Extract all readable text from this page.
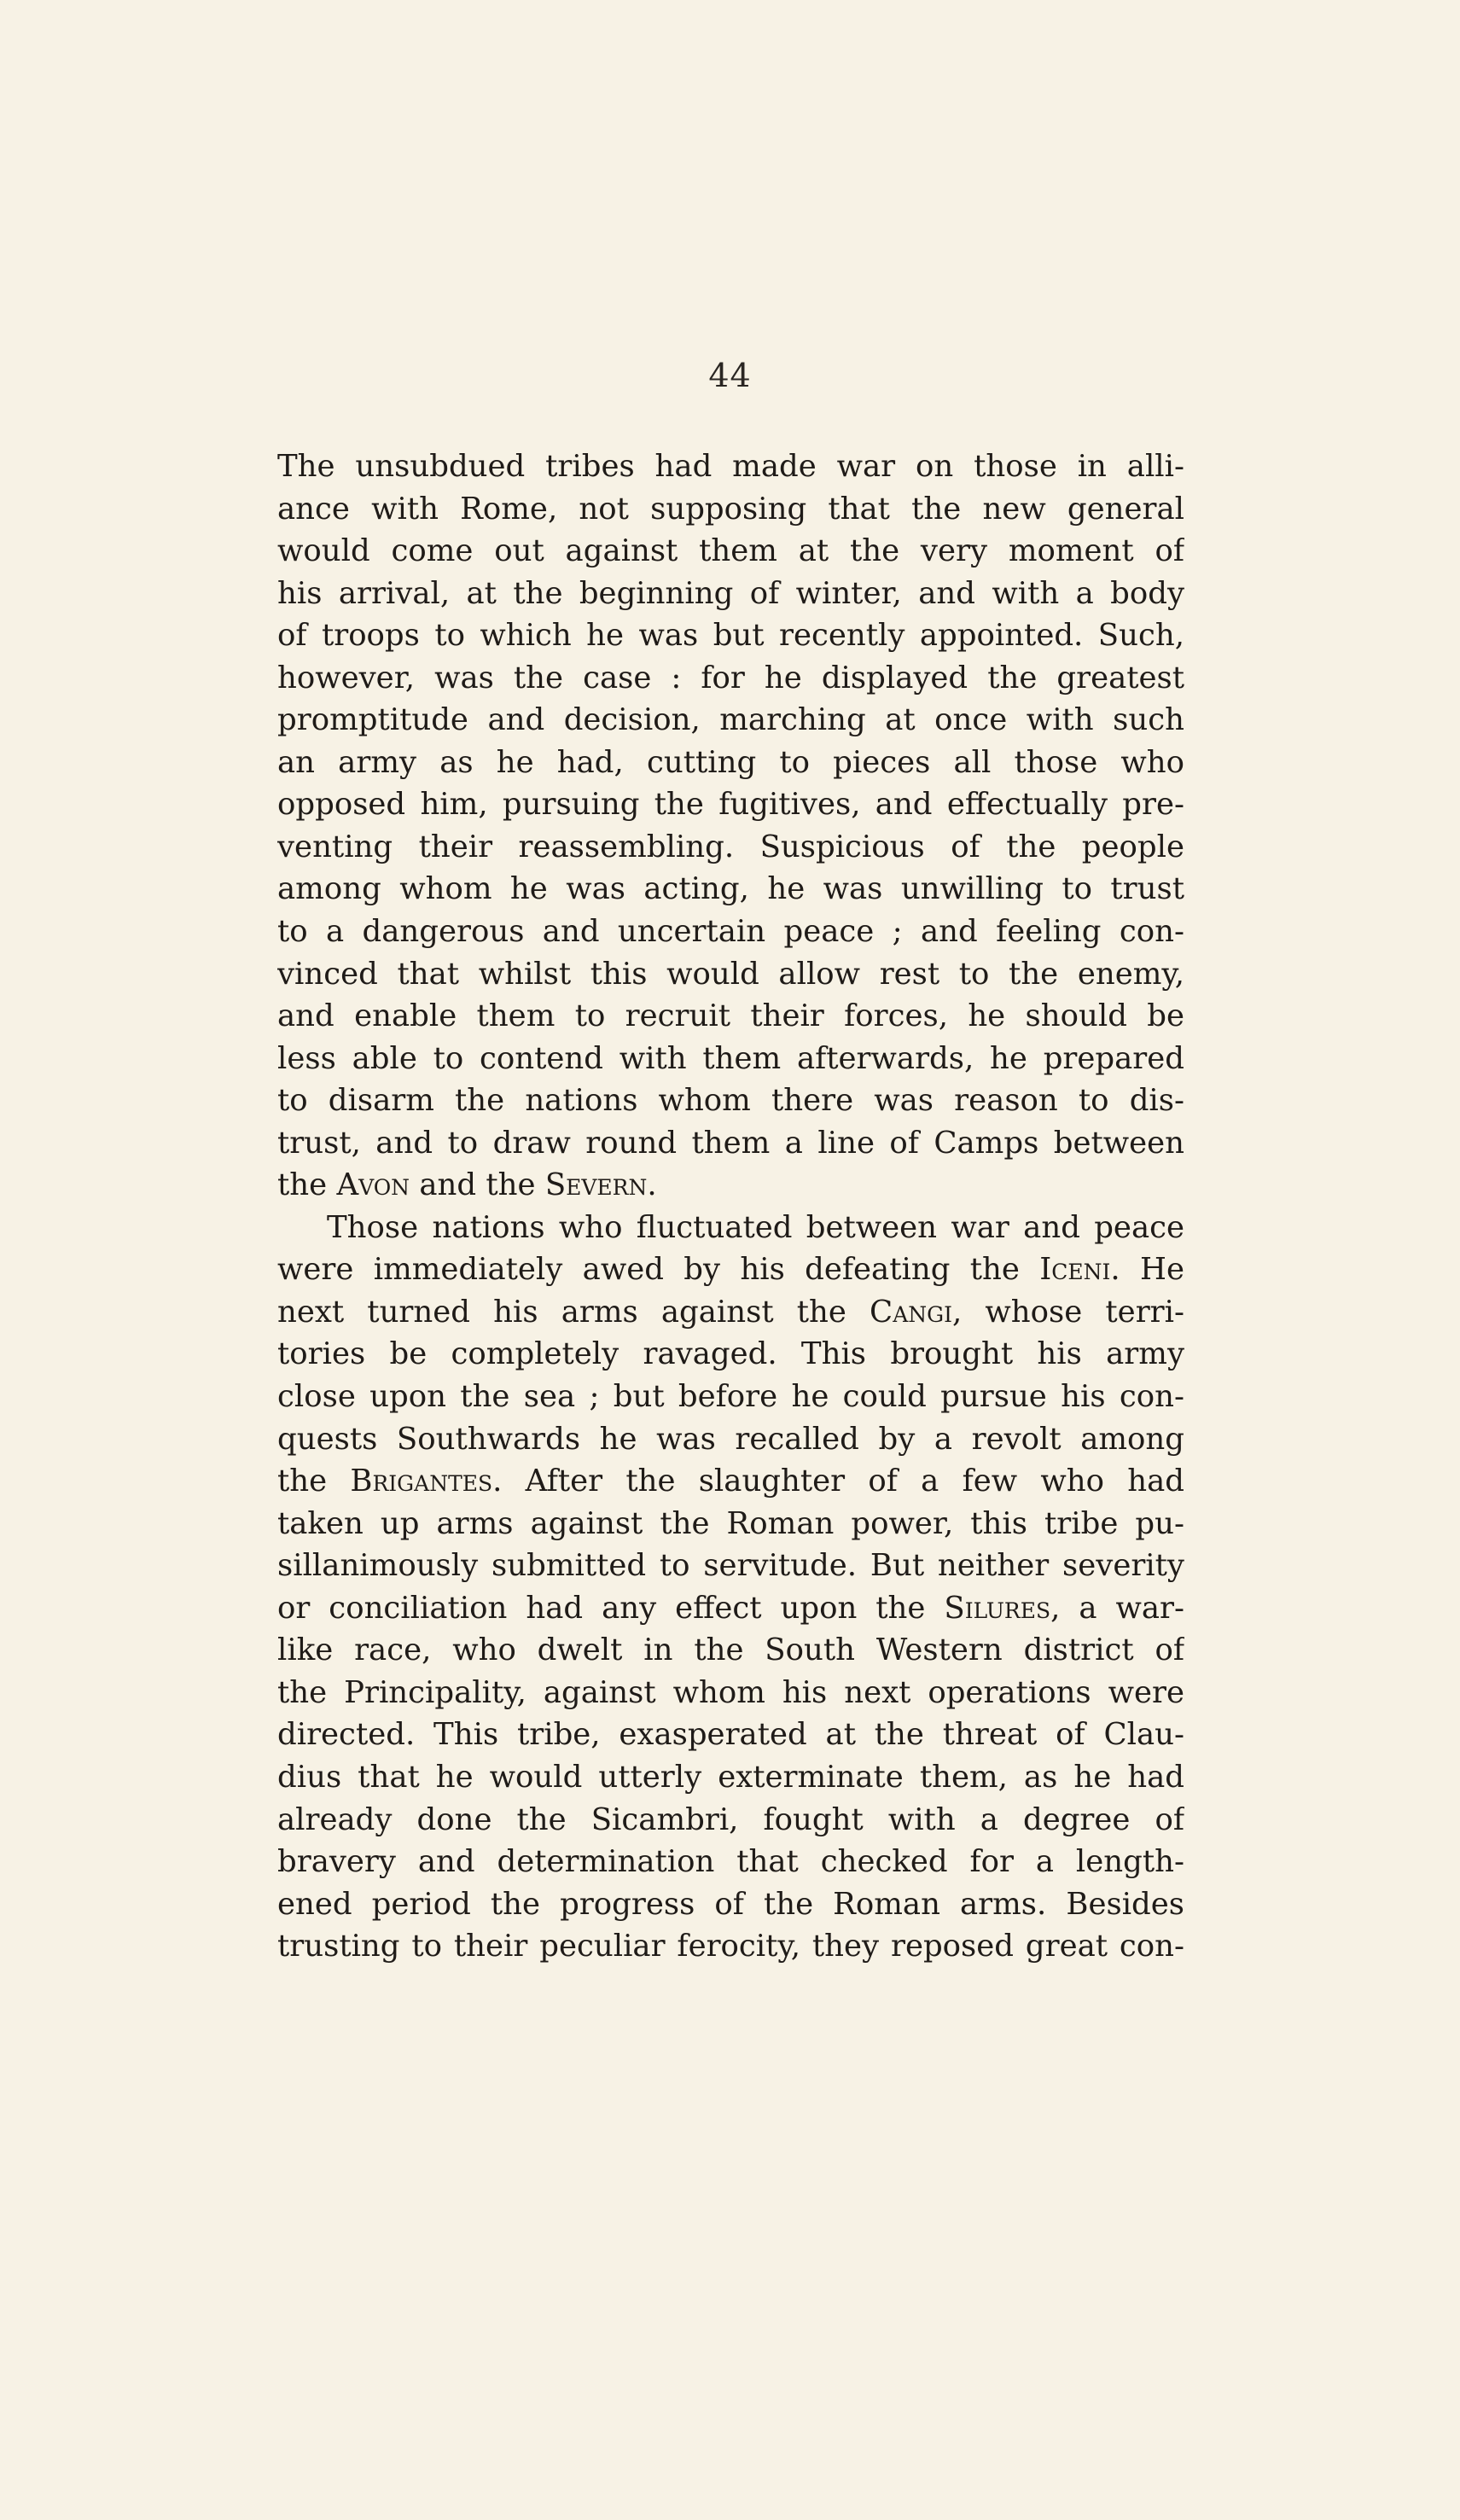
44
The unsubdued tribes had made war on those in alli-
ance with Rome, not supposing that the new general
would come out against them at the very moment of
his arrival, at the beginning of winter, and with a body
of troops to which he was but recently appointed. Such,
however, was the case : for he displayed the greatest
promptitude and decision, marching at once with such
an army as he had, cutting to pieces all those who
opposed him, pursuing the fugitives, and effectually pre-
venting their reassembling. Suspicious of the people
among whom he was acting, he was unwilling to trust
to a dangerous and uncertain peace ; and feeling con-
vinced that whilst this would allow rest to the enemy,
and enable them to recruit their forces, he should be
less able to contend with them afterwards, he prepared
to disarm the nations whom there was reason to dis-
trust, and to draw round them a line of Camps between
the Avon and the Severn.
Those nations who fluctuated between war and peace
were immediately awed by his defeating the Iceni. He
next turned his arms against the Cangi, whose terri-
tories be completely ravaged. This brought his army
close upon the sea ; but before he could pursue his con-
quests Southwards he was recalled by a revolt among
the Brigantes. After the slaughter of a few who had
taken up arms against the Roman power, this tribe pu-
sillanimously submitted to servitude. But neither severity
or conciliation had any effect upon the Silures, a war-
like race, who dwelt in the South Western district of
the Principality, against whom his next operations were
directed. This tribe, exasperated at the threat of Clau-
dius that he would utterly exterminate them, as he had
already done the Sicambri, fought with a degree of
bravery and determination that checked for a length-
ened period the progress of the Roman arms. Besides
trusting to their peculiar ferocity, they reposed great con-
